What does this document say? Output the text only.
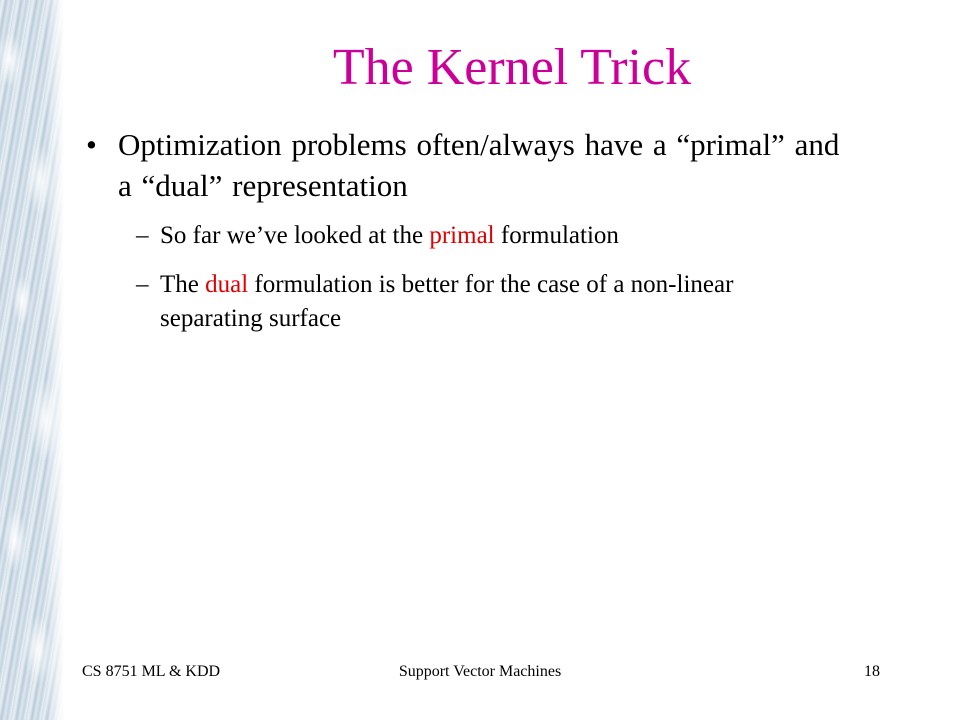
The Kernel Trick
• Optimization problems often/always have a “primal” and a “dual” representation
– So far we’ve looked at the primal formulation
– The dual formulation is better for the case of a non-linear separating surface
CS 8751 ML & KDD	Support Vector Machines	18
